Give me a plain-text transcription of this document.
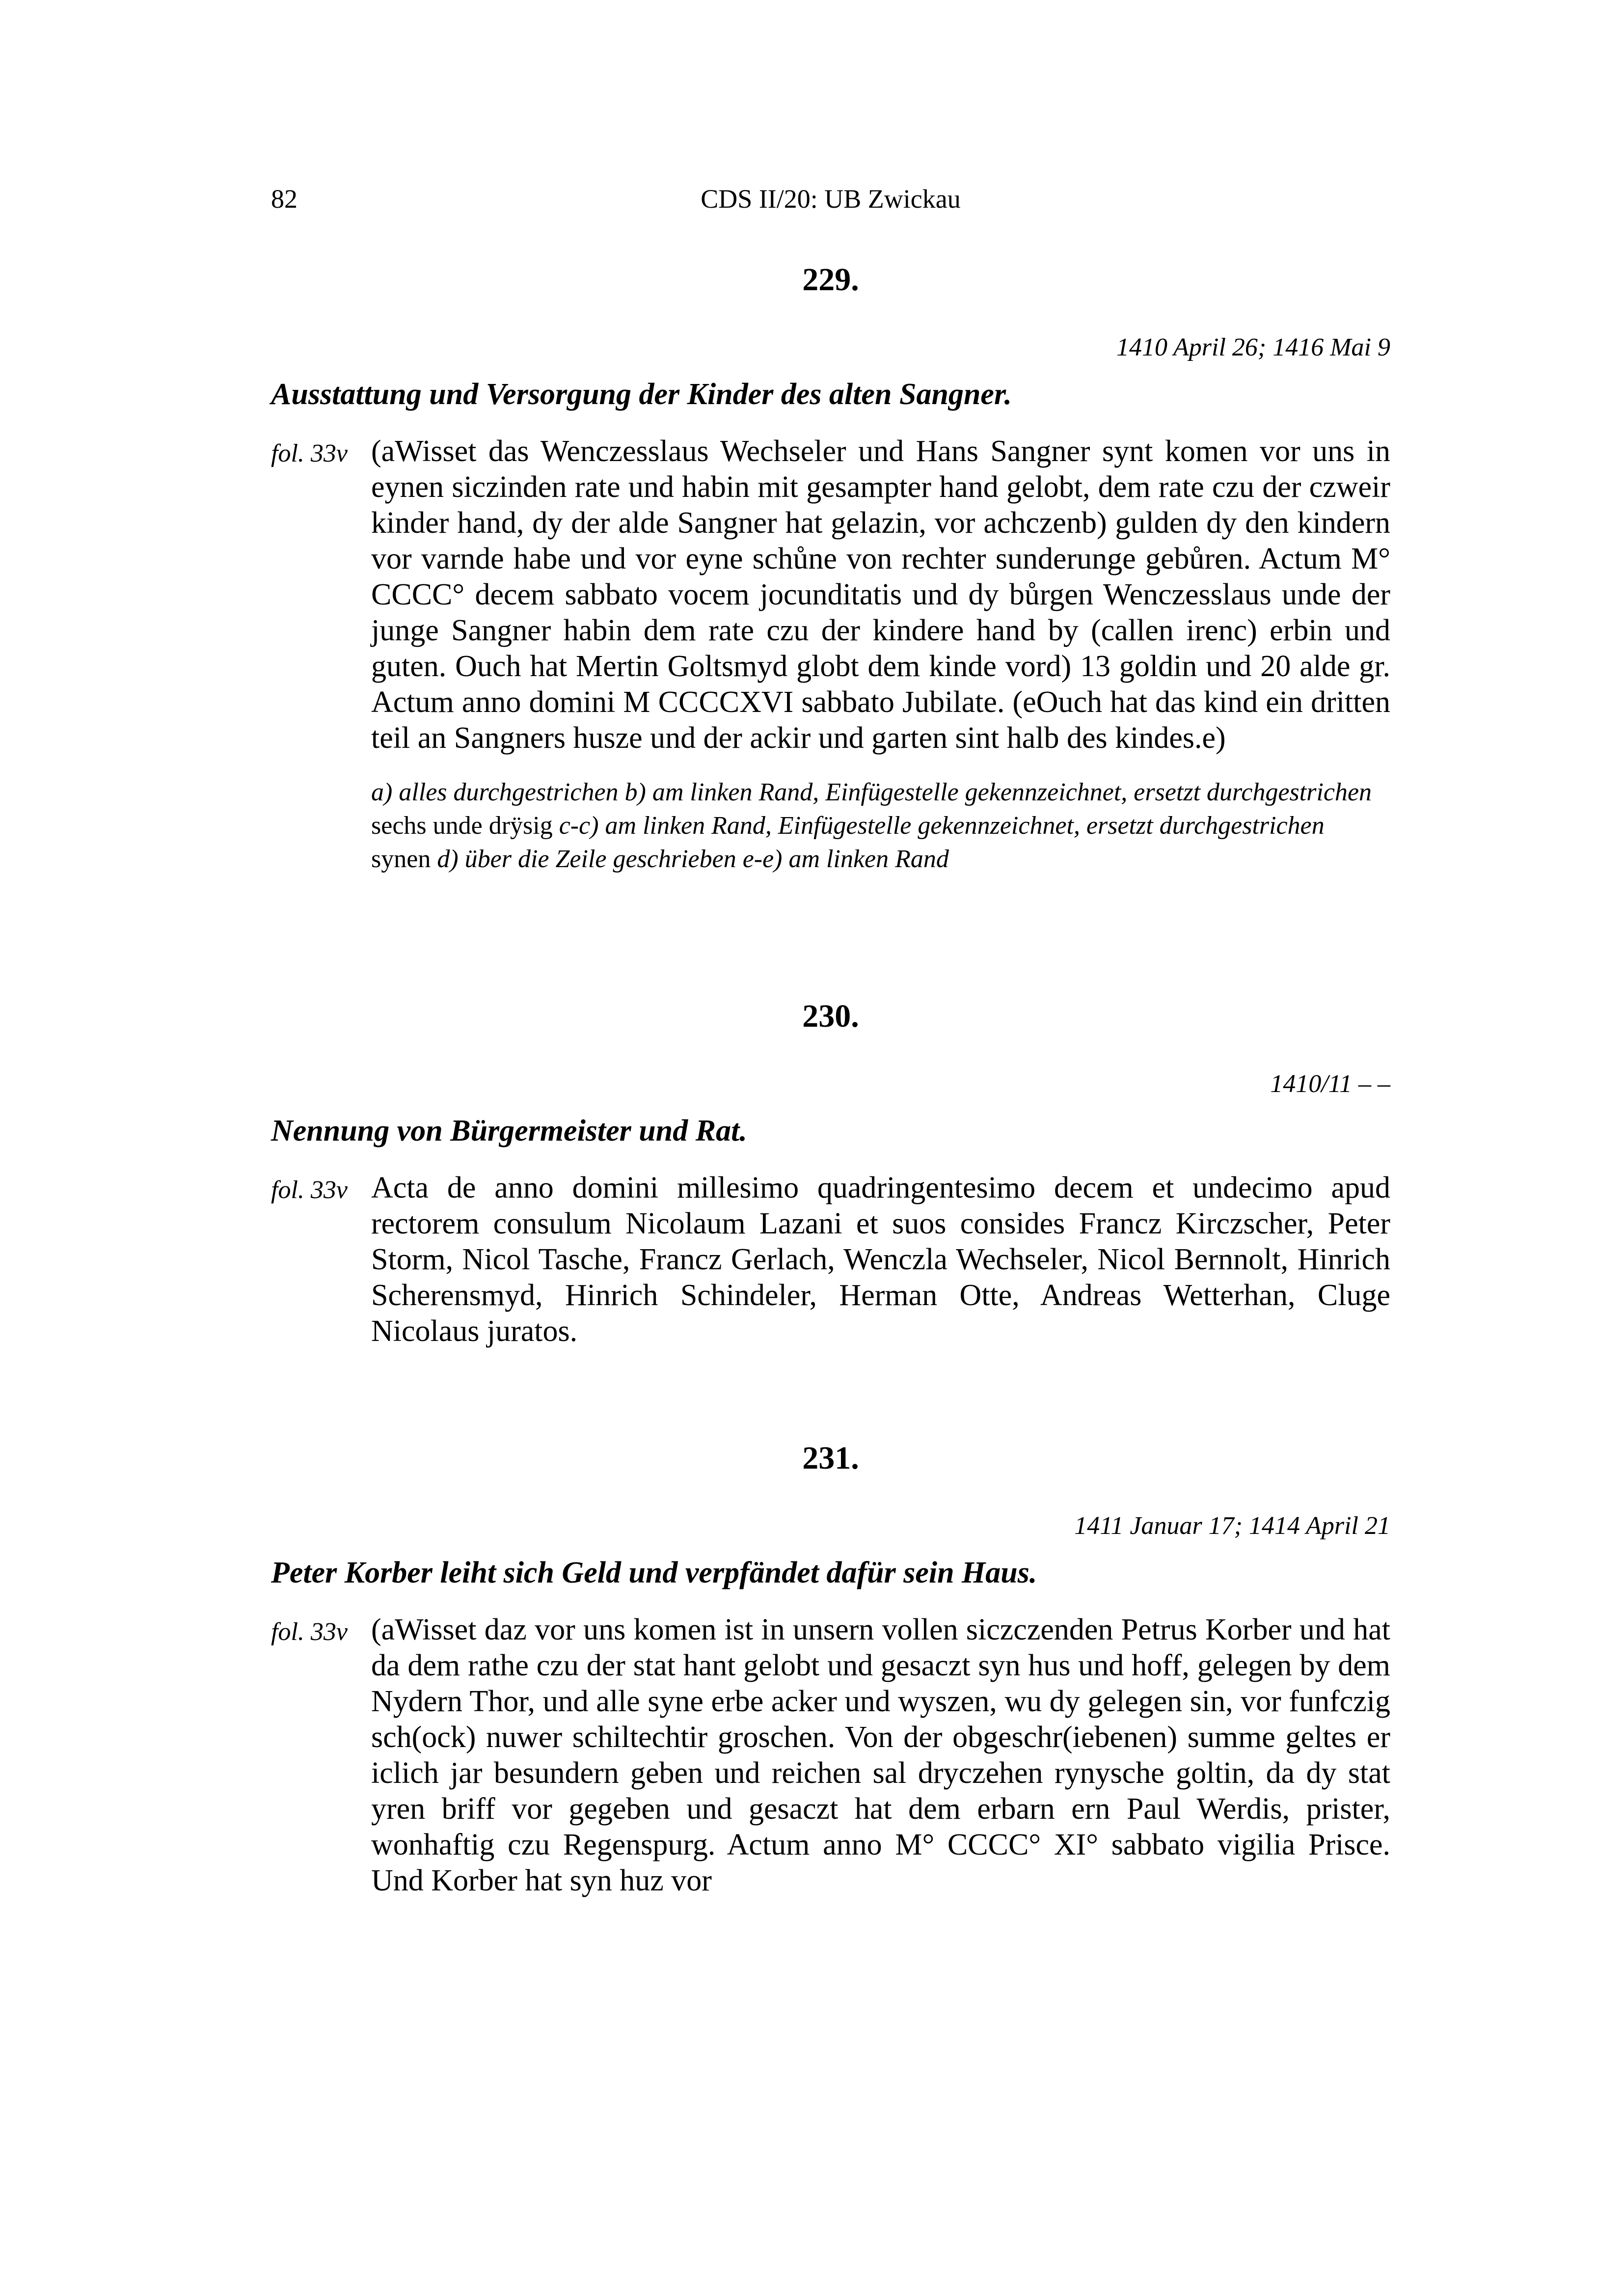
82	CDS II/20: UB Zwickau
229.
1410 April 26; 1416 Mai 9
Ausstattung und Versorgung der Kinder des alten Sangner.
fol. 33v (aWisset das Wenczesslaus Wechseler und Hans Sangner synt komen vor uns in eynen siczinden rate und habin mit gesampter hand gelobt, dem rate czu der czweir kinder hand, dy der alde Sangner hat gelazin, vor achczenb) gulden dy den kindern vor varnde habe und vor eyne schůne von rechter sunderunge gebůren. Actum M° CCCC° decem sabbato vocem jocunditatis und dy bůrgen Wenczesslaus unde der junge Sangner habin dem rate czu der kindere hand by (callen irenc) erbin und guten. Ouch hat Mertin Goltsmyd globt dem kinde vord) 13 goldin und 20 alde gr. Actum anno domini M CCCCXVI sabbato Jubilate. (eOuch hat das kind ein dritten teil an Sangners husze und der ackir und garten sint halb des kindes.e)
a) alles durchgestrichen b) am linken Rand, Einfügestelle gekennzeichnet, ersetzt durchgestrichen sechs unde drÿsig c-c) am linken Rand, Einfügestelle gekennzeichnet, ersetzt durchgestrichen synen d) über die Zeile geschrieben e-e) am linken Rand
230.
1410/11 – –
Nennung von Bürgermeister und Rat.
fol. 33v Acta de anno domini millesimo quadringentesimo decem et undecimo apud rectorem consulum Nicolaum Lazani et suos consides Francz Kirczscher, Peter Storm, Nicol Tasche, Francz Gerlach, Wenczla Wechseler, Nicol Bernnolt, Hinrich Scherensmyd, Hinrich Schindeler, Herman Otte, Andreas Wetterhan, Cluge Nicolaus juratos.
231.
1411 Januar 17; 1414 April 21
Peter Korber leiht sich Geld und verpfändet dafür sein Haus.
fol. 33v (aWisset daz vor uns komen ist in unsern vollen siczczenden Petrus Korber und hat da dem rathe czu der stat hant gelobt und gesaczt syn hus und hoff, gelegen by dem Nydern Thor, und alle syne erbe acker und wyszen, wu dy gelegen sin, vor funfczig sch(ock) nuwer schiltechtir groschen. Von der obgeschr(iebenen) summe geltes er iclich jar besundern geben und reichen sal dryczehen rynysche goltin, da dy stat yren briff vor gegeben und gesaczt hat dem erbarn ern Paul Werdis, prister, wonhaftig czu Regenspurg. Actum anno M° CCCC° XI° sabbato vigilia Prisce. Und Korber hat syn huz vor
